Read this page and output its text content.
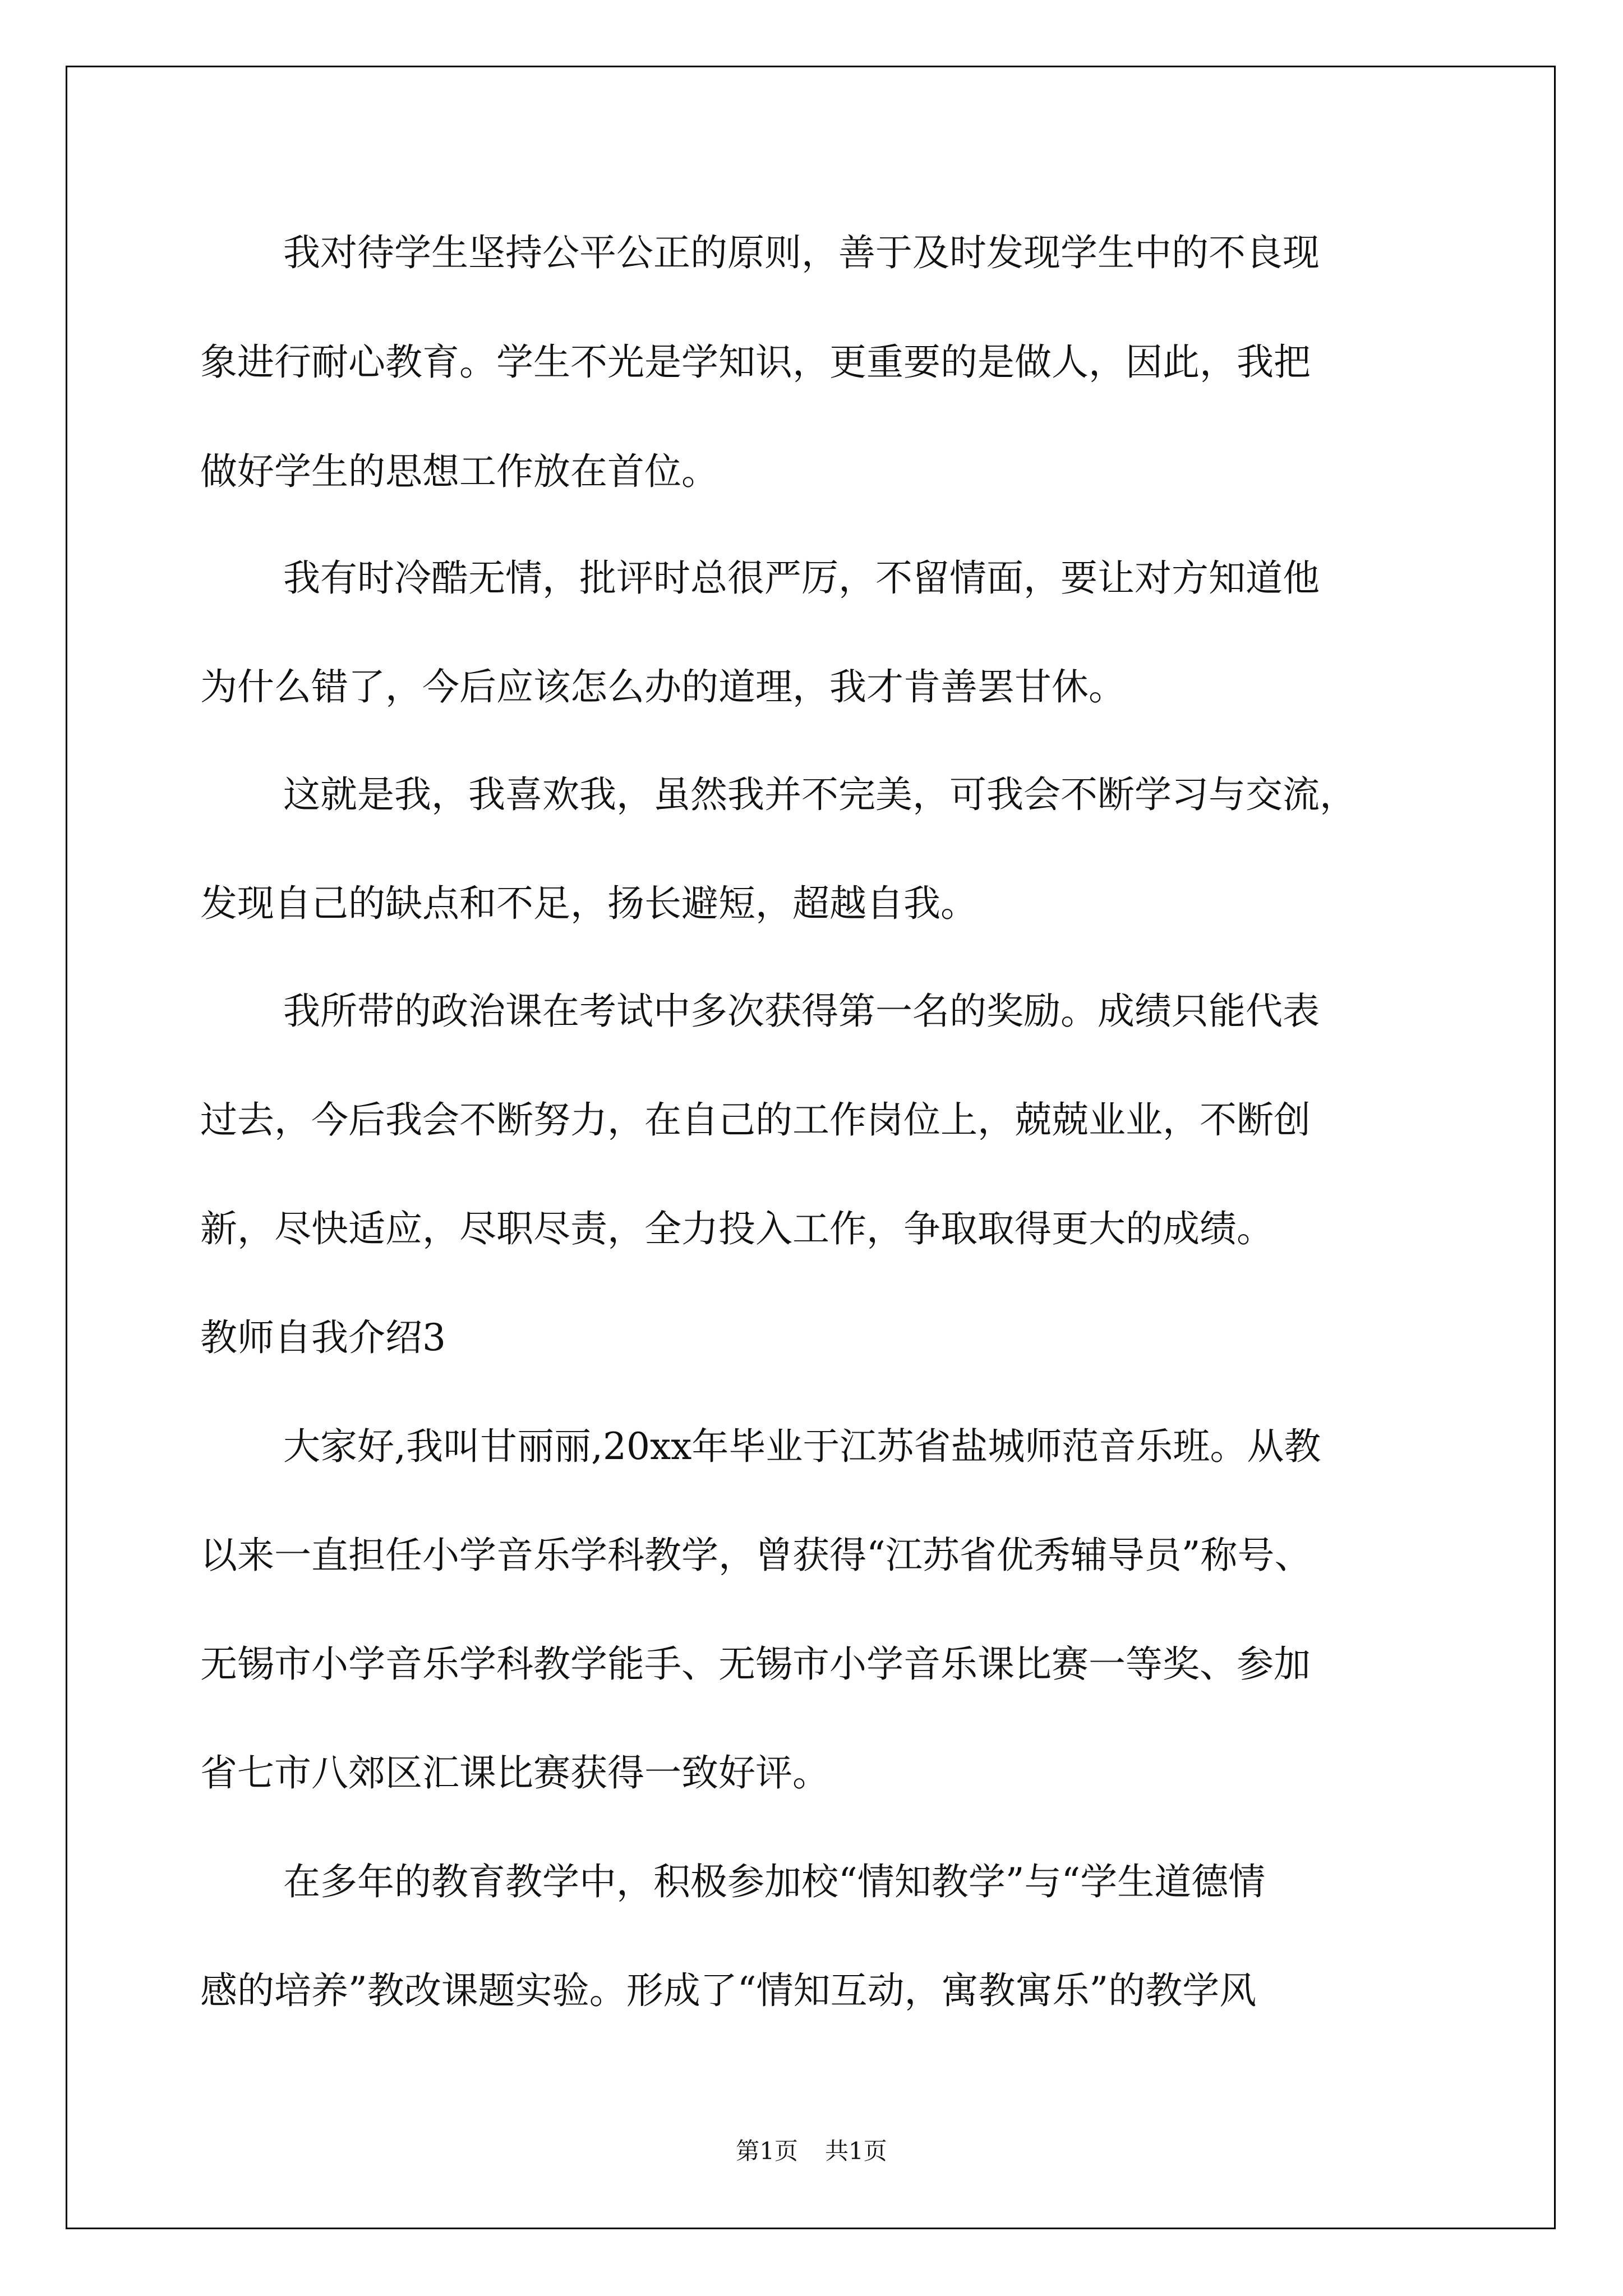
我对待学生坚持公平公正的原则，善于及时发现学生中的不良现

象进行耐心教育。学生不光是学知识，更重要的是做人，因此，我把

做好学生的思想工作放在首位。

我有时冷酷无情，批评时总很严厉，不留情面，要让对方知道他

为什么错了，今后应该怎么办的道理，我才肯善罢甘休。

这就是我，我喜欢我，虽然我并不完美，可我会不断学习与交流，

发现自己的缺点和不足，扬长避短，超越自我。

我所带的政治课在考试中多次获得第一名的奖励。成绩只能代表

过去，今后我会不断努力，在自己的工作岗位上，兢兢业业，不断创

新，尽快适应，尽职尽责，全力投入工作，争取取得更大的成绩。

教师自我介绍3

大家好,我叫甘丽丽,20xx年毕业于江苏省盐城师范音乐班。从教

以来一直担任小学音乐学科教学，曾获得“江苏省优秀辅导员”称号、

无锡市小学音乐学科教学能手、无锡市小学音乐课比赛一等奖、参加

省七市八郊区汇课比赛获得一致好评。

在多年的教育教学中，积极参加校“情知教学”与“学生道德情

感的培养”教改课题实验。形成了“情知互动，寓教寓乐”的教学风

第1页 共1页
